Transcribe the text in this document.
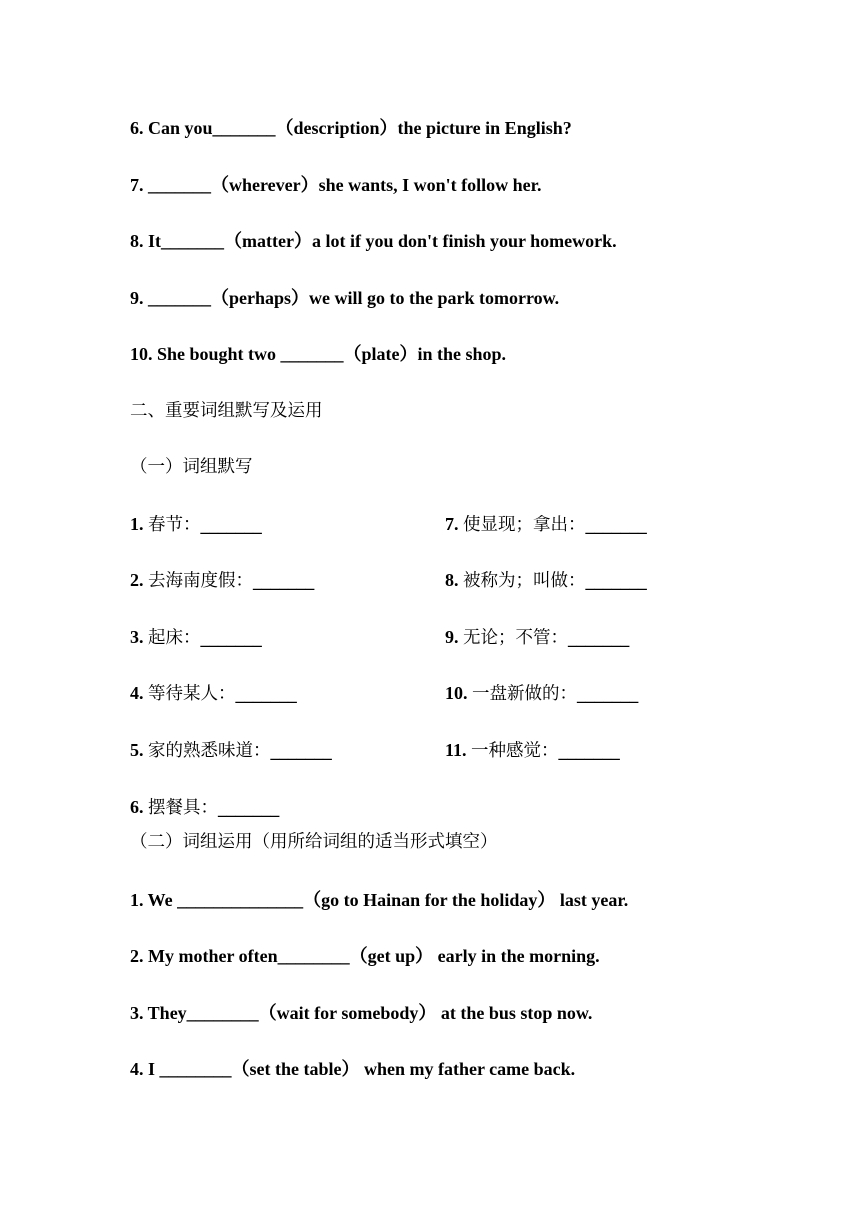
6. Can you_______（description）the picture in English?
7. _______（wherever）she wants, I won't follow her.
8. It_______（matter）a lot if you don't finish your homework.
9. _______（perhaps）we will go to the park tomorrow.
10. She bought two _______（plate）in the shop.
二、重要词组默写及运用
（一）词组默写
1. 春节：_______
2. 去海南度假：_______
3. 起床：_______
4. 等待某人：_______
5. 家的熟悉味道：_______
6. 摆餐具：_______
7. 使显现；拿出：_______
8. 被称为；叫做：_______
9. 无论；不管：_______
10. 一盘新做的：_______
11. 一种感觉：_______
（二）词组运用（用所给词组的适当形式填空）
1. We ______________（go to Hainan for the holiday） last year.
2. My mother often________（get up） early in the morning.
3. They________（wait for somebody） at the bus stop now.
4. I ________（set the table） when my father came back.
